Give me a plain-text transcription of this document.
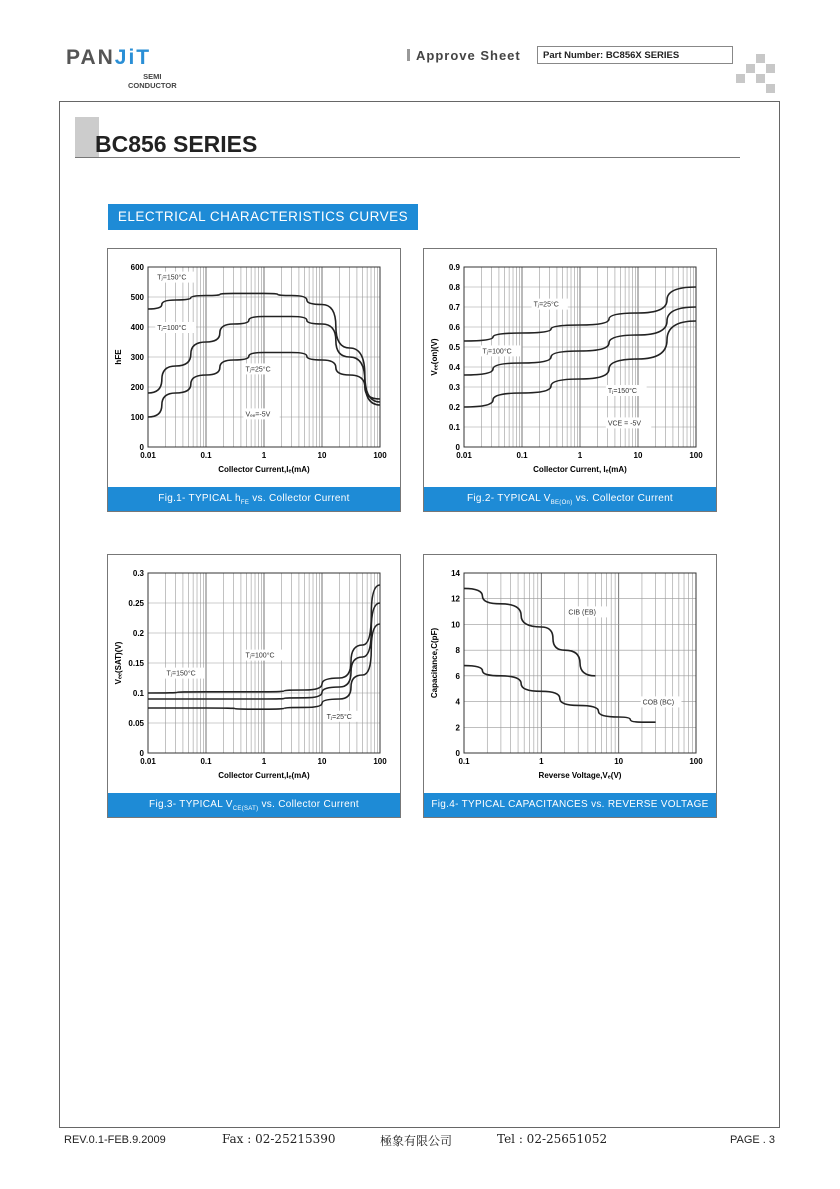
PANJiT
SEMI
CONDUCTOR
Approve Sheet	Part Number: BC856X SERIES
BC856 SERIES
ELECTRICAL CHARACTERISTICS CURVES
0
100
200
300
400
500
600
0.01	0.1	1	10	100
Collector Current,Iₑ(mA)
hFE
Tⱼ=150°C
Tⱼ=100°C
Tⱼ=25°C
Vₑₑ=-5V
Fig.1- TYPICAL $h_{FE}$ vs. Collector Current
0
0.1
0.2
0.3
0.4
0.5
0.6
0.7
0.8
0.9
0.01	0.1	1	10	100
Collector Current, Iₑ(mA)
Vₑₑ(on)(V)
Tⱼ=25°C
Tⱼ=100°C
Tⱼ=150°C
VCE = -5V
Fig.2- TYPICAL $V_{BE(On)}$ vs. Collector Current
0
0.05
0.1
0.15
0.2
0.25
0.3
0.01	0.1	1	10	100
Collector Current,Iₑ(mA)
Vₑₑ(SAT)(V)	Tⱼ=150°C
Tⱼ=100°C
Tⱼ=25°C
Fig.3- TYPICAL $V_{CE(SAT)}$ vs. Collector Current
0
2
4
6
8
10
12
14
0.1	1	10	100
Reverse Voltage,Vₑ(V)
Capacitance,C(pF)
CIB (EB)
COB (BC)
Fig.4- TYPICAL CAPACITANCES vs. REVERSE VOLTAGE
REV.0.1-FEB.9.2009	Fax : 02-25215390	極象有限公司	Tel : 02-25651052	PAGE . 3
